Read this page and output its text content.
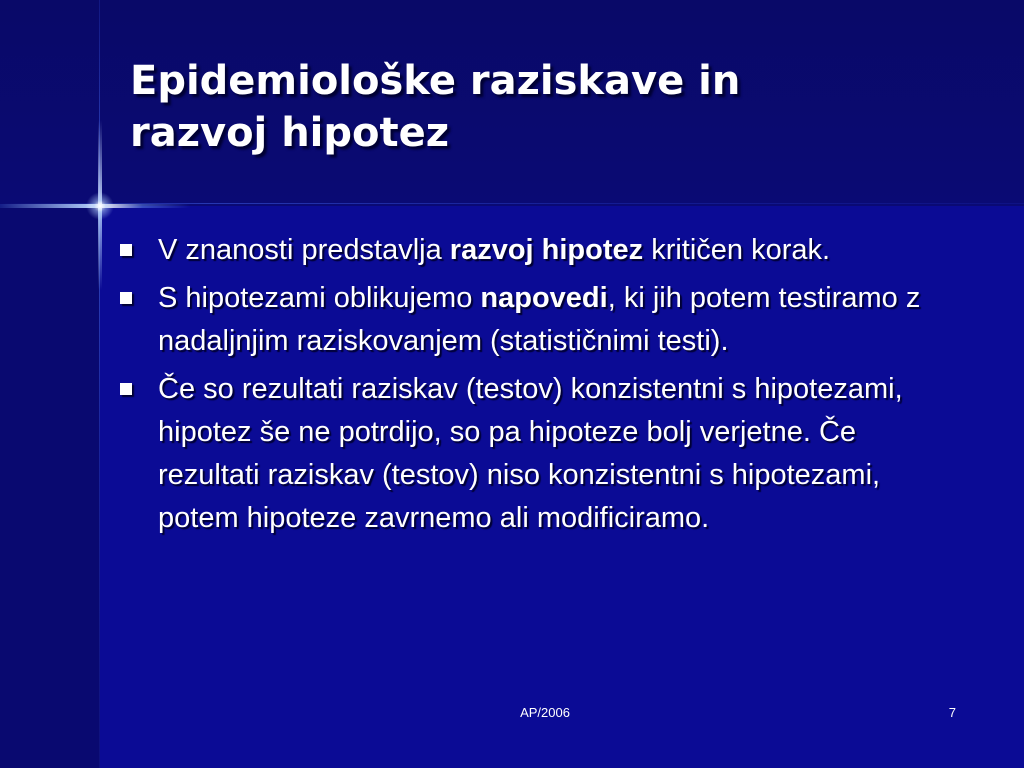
Epidemiološke raziskave in
razvoj hipotez
V znanosti predstavlja razvoj hipotez kritičen korak.
S hipotezami oblikujemo napovedi, ki jih potem testiramo z nadaljnjim raziskovanjem (statističnimi testi).
Če so rezultati raziskav (testov) konzistentni s hipotezami, hipotez še ne potrdijo, so pa hipoteze bolj verjetne. Če rezultati raziskav (testov) niso konzistentni s hipotezami, potem hipoteze zavrnemo ali modificiramo.
AP/2006	7
